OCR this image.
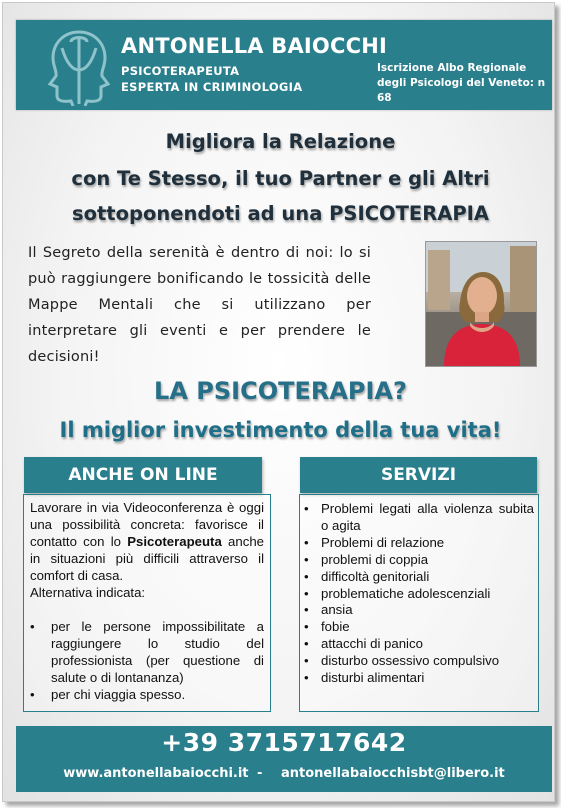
ANTONELLA BAIOCCHI
PSICOTERAPEUTA
ESPERTA IN CRIMINOLOGIA
Iscrizione Albo Regionale
degli Psicologi del Veneto: n 68
Migliora la Relazione
con Te Stesso, il tuo Partner e gli Altri
sottoponendoti ad una PSICOTERAPIA
Il Segreto della serenità è dentro di noi: lo si può raggiungere bonificando le tossicità delle Mappe Mentali che si utilizzano per interpretare gli eventi e per prendere le decisioni!
LA PSICOTERAPIA?
Il miglior investimento della tua vita!
ANCHE ON LINE	SERVIZI

Lavorare in via Videoconferenza è oggi una possibilità concreta: favorisce il contatto con lo Psicoterapeuta anche in situazioni più difficili attraverso il comfort di casa.

Alternativa indicata:

• per le persone impossibilitate a raggiungere lo studio del professionista (per questione di salute o di lontananza)
• per chi viaggia spesso.
• Problemi legati alla violenza subita o agita
• Problemi di relazione
• problemi di coppia
• difficoltà genitoriali
• problematiche adolescenziali
• ansia
• fobie
• attacchi di panico
• disturbo ossessivo compulsivo
• disturbi alimentari
+39 3715717642
www.antonellabaiocchi.it - antonellabaiocchisbt@libero.it
